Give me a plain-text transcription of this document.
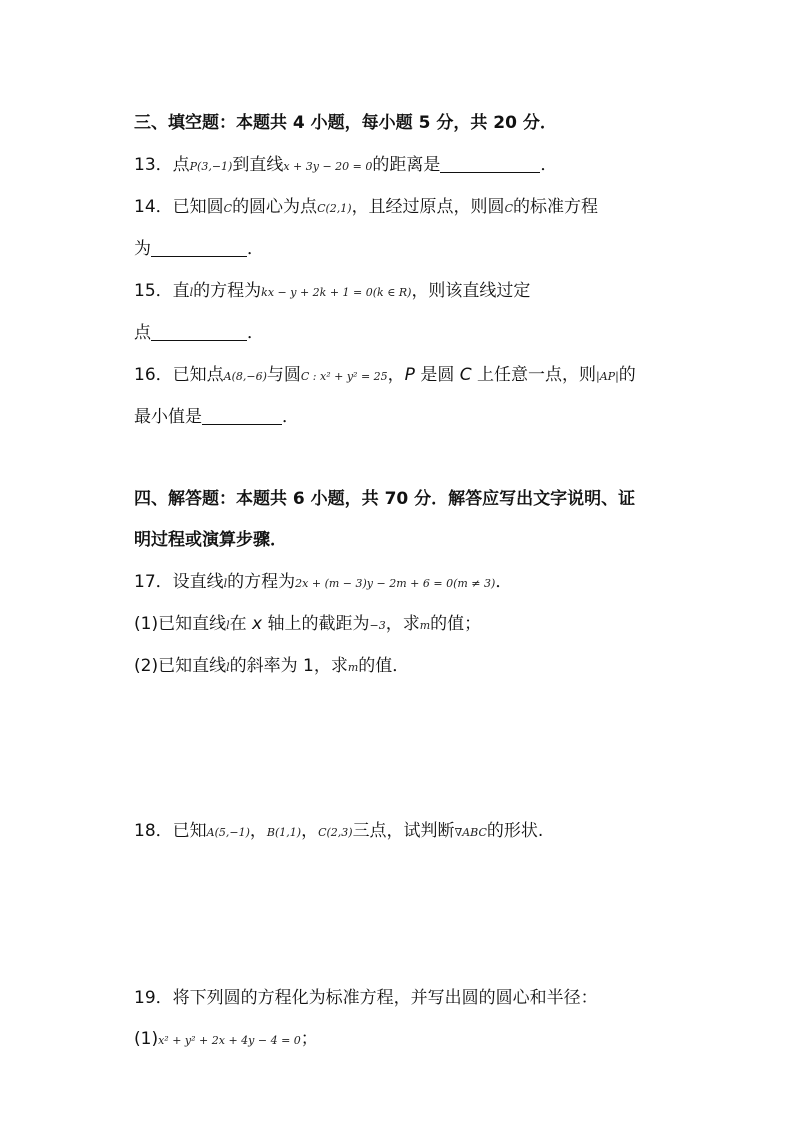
三、填空题：本题共 4 小题，每小题 5 分，共 20 分．
13．点P(3,−1)到直线x + 3y − 20 = 0的距离是	．
14．已知圆C的圆心为点C(2,1)，且经过原点，则圆C的标准方程
为	．
15．直l的方程为kx − y + 2k + 1 = 0(k ∈ R)，则该直线过定
点	．
16．已知点A(8,−6)与圆C : x² + y² = 25，P 是圆 C 上任意一点，则|AP|的
最小值是	．
四、解答题：本题共 6 小题，共 70 分．解答应写出文字说明、证
明过程或演算步骤．
17．设直线l的方程为2x + (m − 3)y − 2m + 6 = 0(m ≠ 3)．
(1)已知直线l在 x 轴上的截距为−3，求m的值；
(2)已知直线l的斜率为 1，求m的值．
18．已知A(5,−1)，B(1,1)，C(2,3)三点，试判断∇ABC的形状.
19．将下列圆的方程化为标准方程，并写出圆的圆心和半径：
(1)x² + y² + 2x + 4y − 4 = 0；
